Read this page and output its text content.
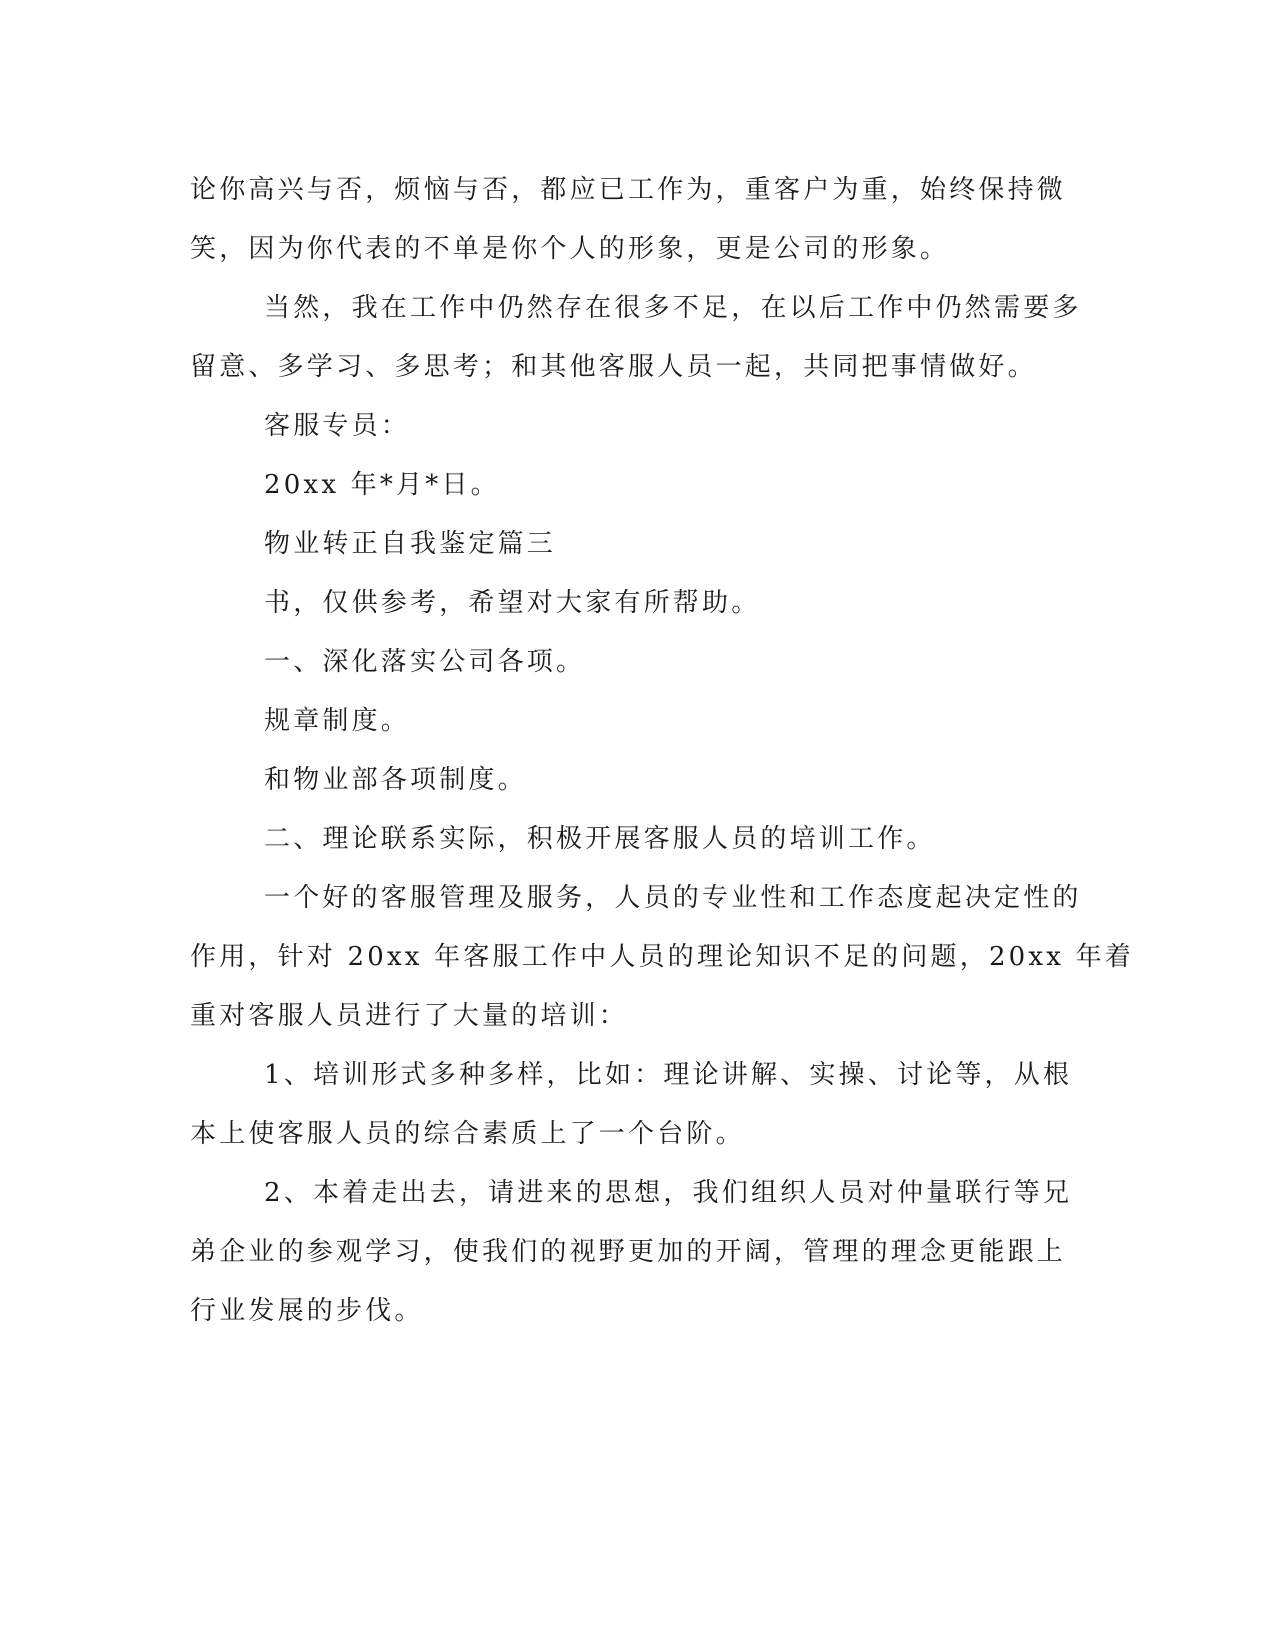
论你高兴与否，烦恼与否，都应已工作为，重客户为重，始终保持微
笑，因为你代表的不单是你个人的形象，更是公司的形象。
当然，我在工作中仍然存在很多不足，在以后工作中仍然需要多
留意、多学习、多思考；和其他客服人员一起，共同把事情做好。
客服专员：
20xx 年*月*日。
物业转正自我鉴定篇三
书，仅供参考，希望对大家有所帮助。
一、深化落实公司各项。
规章制度。
和物业部各项制度。
二、理论联系实际，积极开展客服人员的培训工作。
一个好的客服管理及服务，人员的专业性和工作态度起决定性的
作用，针对 20xx 年客服工作中人员的理论知识不足的问题，20xx 年着
重对客服人员进行了大量的培训：
1、培训形式多种多样，比如：理论讲解、实操、讨论等，从根
本上使客服人员的综合素质上了一个台阶。
2、本着走出去，请进来的思想，我们组织人员对仲量联行等兄
弟企业的参观学习，使我们的视野更加的开阔，管理的理念更能跟上
行业发展的步伐。
